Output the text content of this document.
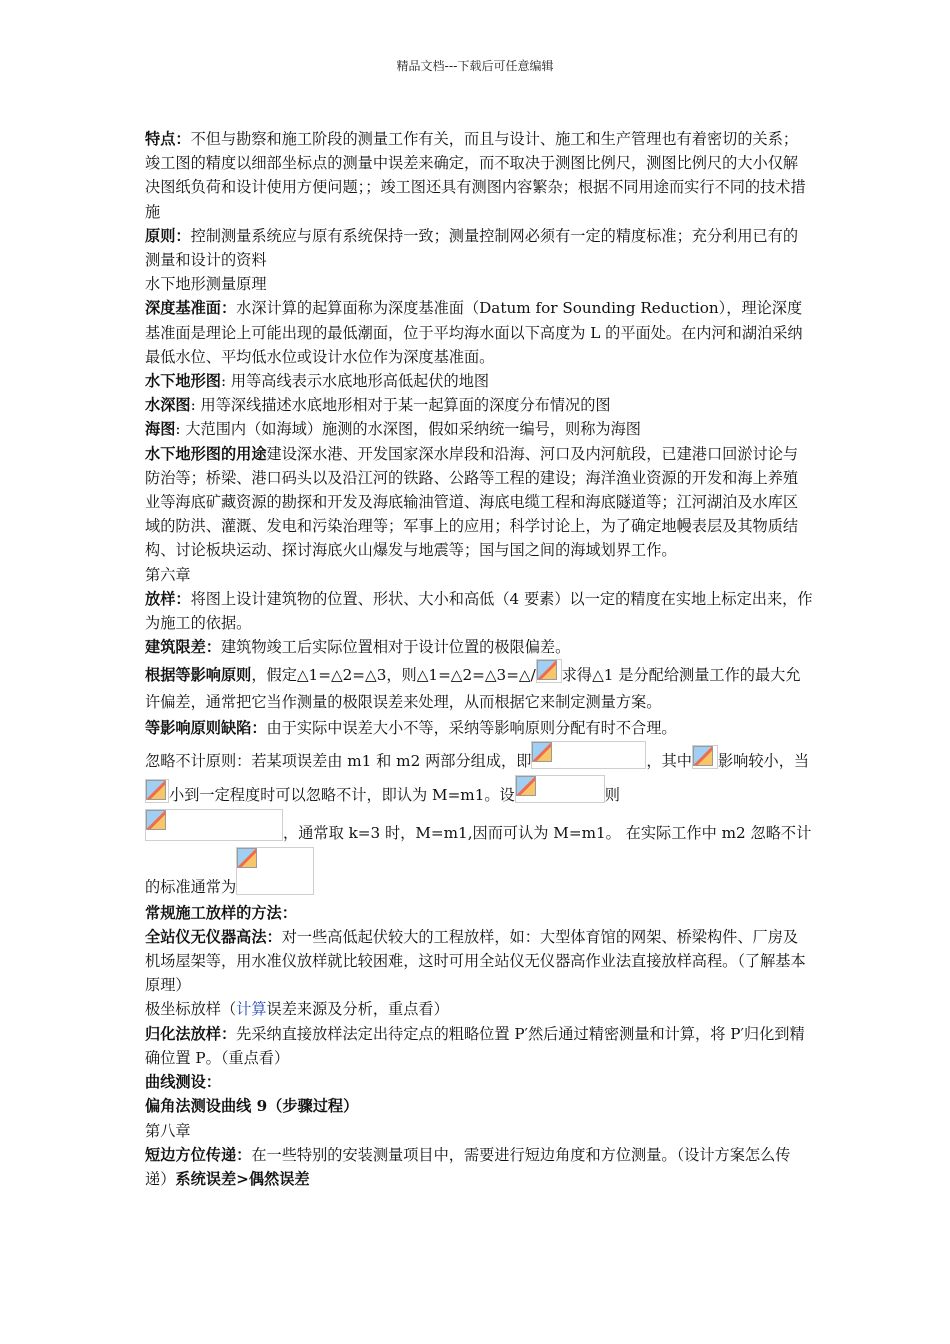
精品文档---下载后可任意编辑

特点：不但与勘察和施工阶段的测量工作有关，而且与设计、施工和生产管理也有着密切的关系；竣工图的精度以细部坐标点的测量中误差来确定，而不取决于测图比例尺，测图比例尺的大小仅解决图纸负荷和设计使用方便问题；；竣工图还具有测图内容繁杂；根据不同用途而实行不同的技术措施

原则：控制测量系统应与原有系统保持一致；测量控制网必须有一定的精度标准；充分利用已有的测量和设计的资料

水下地形测量原理

深度基准面：水深计算的起算面称为深度基准面（Datum for Sounding Reduction），理论深度基准面是理论上可能出现的最低潮面，位于平均海水面以下高度为 L 的平面处。在内河和湖泊采纳最低水位、平均低水位或设计水位作为深度基准面。

水下地形图: 用等高线表示水底地形高低起伏的地图

水深图: 用等深线描述水底地形相对于某一起算面的深度分布情况的图

海图: 大范围内（如海域）施测的水深图，假如采纳统一编号，则称为海图

水下地形图的用途建设深水港、开发国家深水岸段和沿海、河口及内河航段，已建港口回淤讨论与防治等；桥梁、港口码头以及沿江河的铁路、公路等工程的建设；海洋渔业资源的开发和海上养殖业等海底矿藏资源的勘探和开发及海底输油管道、海底电缆工程和海底隧道等；江河湖泊及水库区域的防洪、灌溉、发电和污染治理等；军事上的应用；科学讨论上，为了确定地幔表层及其物质结构、讨论板块运动、探讨海底火山爆发与地震等；国与国之间的海域划界工作。

第六章

放样：将图上设计建筑物的位置、形状、大小和高低（4 要素）以一定的精度在实地上标定出来，作为施工的依据。

建筑限差：建筑物竣工后实际位置相对于设计位置的极限偏差。

根据等影响原则，假定△1=△2=△3，则△1=△2=△3=△/ 求得△1 是分配给测量工作的最大允许偏差，通常把它当作测量的极限误差来处理，从而根据它来制定测量方案。

等影响原则缺陷：由于实际中误差大小不等，采纳等影响原则分配有时不合理。

忽略不计原则：若某项误差由 m1 和 m2 两部分组成，即	，其中 影响较小，当
小到一定程度时可以忽略不计，即认为 M=m1。设	则

，通常取 k=3 时，M=m1,因而可认为 M=m1。 在实际工作中 m2 忽略不计的标准通常为

常规施工放样的方法：

全站仪无仪器高法：对一些高低起伏较大的工程放样，如：大型体育馆的网架、桥梁构件、厂房及机场屋架等，用水准仪放样就比较困难，这时可用全站仪无仪器高作业法直接放样高程。（了解基本原理）

极坐标放样（计算误差来源及分析，重点看）

归化法放样：先采纳直接放样法定出待定点的粗略位置 P′然后通过精密测量和计算，将 P′归化到精确位置 P。（重点看）

曲线测设：

偏角法测设曲线 9（步骤过程）

第八章

短边方位传递：在一些特别的安装测量项目中，需要进行短边角度和方位测量。（设计方案怎么传递）系统误差>偶然误差
